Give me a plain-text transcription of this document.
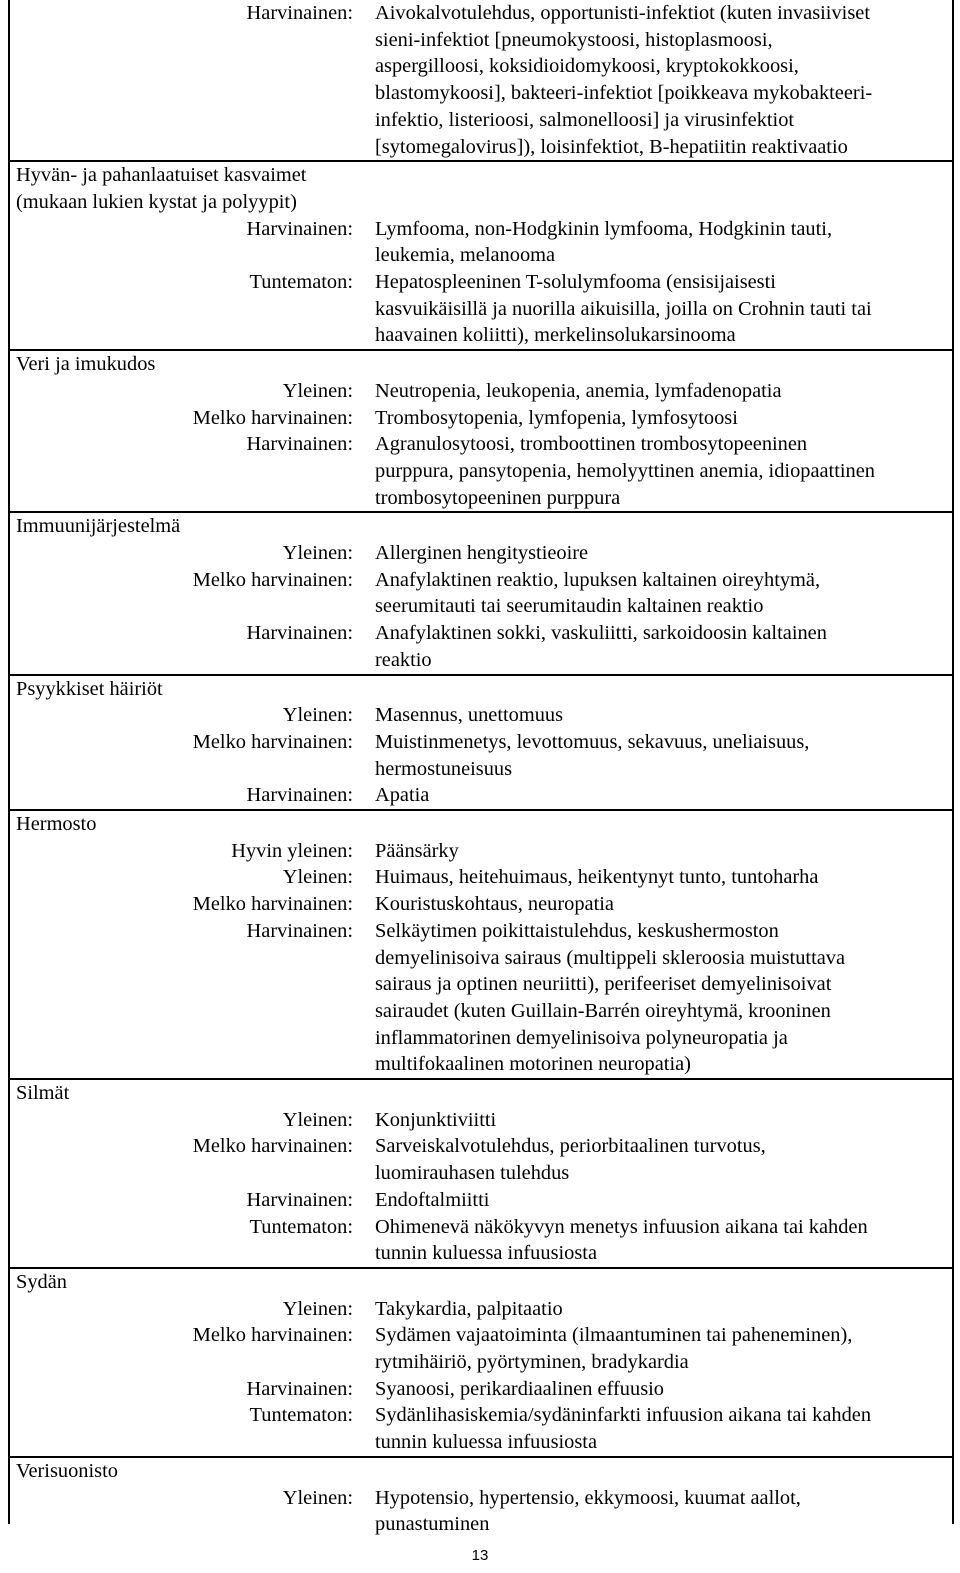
Harvinainen: Aivokalvotulehdus, opportunisti-infektiot (kuten invasiiviset
sieni-infektiot [pneumokystoosi, histoplasmoosi,
aspergilloosi, koksidioidomykoosi, kryptokokkoosi,
blastomykoosi], bakteeri-infektiot [poikkeava mykobakteeri-
infektio, listerioosi, salmonelloosi] ja virusinfektiot
[sytomegalovirus]), loisinfektiot, B-hepatiitin reaktivaatio
Hyvän- ja pahanlaatuiset kasvaimet
(mukaan lukien kystat ja polyypit)
Harvinainen: Lymfooma, non-Hodgkinin lymfooma, Hodgkinin tauti,
leukemia, melanooma
Tuntematon: Hepatospleeninen T-solulymfooma (ensisijaisesti
kasvuikäisillä ja nuorilla aikuisilla, joilla on Crohnin tauti tai
haavainen koliitti), merkelinsolukarsinooma
Veri ja imukudos
Yleinen: Neutropenia, leukopenia, anemia, lymfadenopatia
Melko harvinainen: Trombosytopenia, lymfopenia, lymfosytoosi
Harvinainen: Agranulosytoosi, tromboottinen trombosytopeeninen
purppura, pansytopenia, hemolyyttinen anemia, idiopaattinen
trombosytopeeninen purppura
Immuunijärjestelmä
Yleinen: Allerginen hengitystieoire
Melko harvinainen: Anafylaktinen reaktio, lupuksen kaltainen oireyhtymä,
seerumitauti tai seerumitaudin kaltainen reaktio
Harvinainen: Anafylaktinen sokki, vaskuliitti, sarkoidoosin kaltainen
reaktio
Psyykkiset häiriöt
Yleinen: Masennus, unettomuus
Melko harvinainen: Muistinmenetys, levottomuus, sekavuus, uneliaisuus,
hermostuneisuus
Harvinainen: Apatia
Hermosto
Hyvin yleinen: Päänsärky
Yleinen: Huimaus, heitehuimaus, heikentynyt tunto, tuntoharha
Melko harvinainen: Kouristuskohtaus, neuropatia
Harvinainen: Selkäytimen poikittaistulehdus, keskushermoston
demyelinisoiva sairaus (multippeli skleroosia muistuttava
sairaus ja optinen neuriitti), perifeeriset demyelinisoivat
sairaudet (kuten Guillain-Barrén oireyhtymä, krooninen
inflammatorinen demyelinisoiva polyneuropatia ja
multifokaalinen motorinen neuropatia)
Silmät
Yleinen: Konjunktiviitti
Melko harvinainen: Sarveiskalvotulehdus, periorbitaalinen turvotus,
luomirauhasen tulehdus
Harvinainen: Endoftalmiitti
Tuntematon: Ohimenevä näkökyvyn menetys infuusion aikana tai kahden
tunnin kuluessa infuusiosta
Sydän
Yleinen: Takykardia, palpitaatio
Melko harvinainen: Sydämen vajaatoiminta (ilmaantuminen tai paheneminen),
rytmihäiriö, pyörtyminen, bradykardia
Harvinainen: Syanoosi, perikardiaalinen effuusio
Tuntematon: Sydänlihasiskemia/sydäninfarkti infuusion aikana tai kahden
tunnin kuluessa infuusiosta
Verisuonisto
Yleinen: Hypotensio, hypertensio, ekkymoosi, kuumat aallot,
punastuminen
13
